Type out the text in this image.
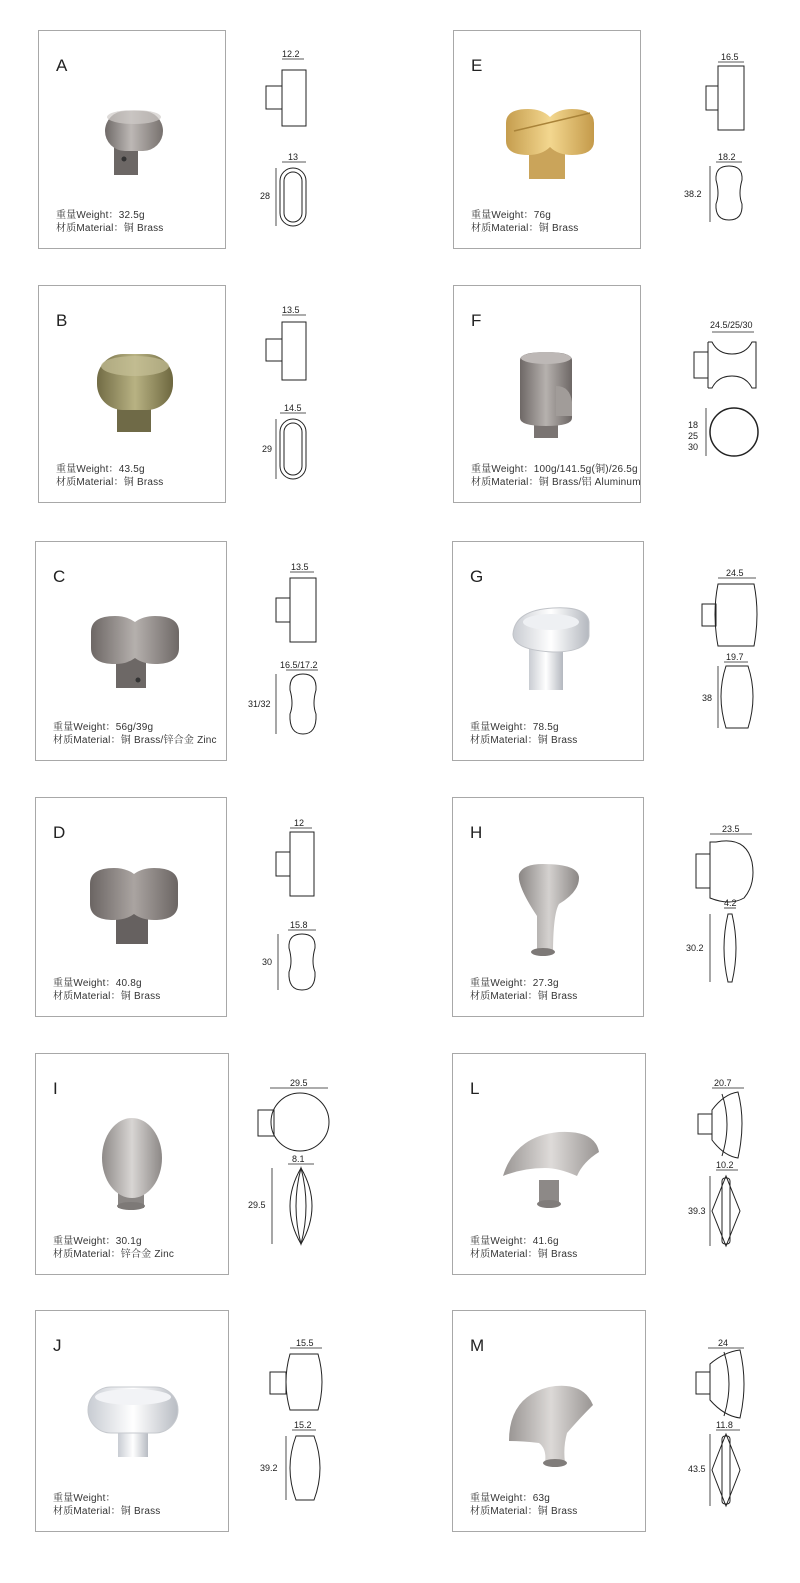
A
重量Weight：32.5g
材质Material：铜 Brass
12.2
13
28
E
重量Weight：76g
材质Material：铜 Brass
16.5
18.2
38.2
B
重量Weight：43.5g
材质Material：铜 Brass
13.5
14.5
29
F
重量Weight：100g/141.5g(铜)/26.5g
材质Material：铜 Brass/铝 Aluminum
24.5/25/30
18
25
30
C
重量Weight：56g/39g
材质Material：铜 Brass/锌合金 Zinc
13.5
16.5/17.2
31/32
G
重量Weight：78.5g
材质Material：铜 Brass
24.5
19.7
38
D
重量Weight：40.8g
材质Material：铜 Brass
12
15.8
30
H
重量Weight：27.3g
材质Material：铜 Brass
23.5
4.2
30.2
I
重量Weight：30.1g
材质Material：锌合金 Zinc
29.5
8.1
29.5
L
重量Weight：41.6g
材质Material：铜 Brass
20.7
10.2
39.3
J
重量Weight：
材质Material：铜 Brass
15.5
15.2
39.2
M
重量Weight：63g
材质Material：铜 Brass
24
11.8
43.5
